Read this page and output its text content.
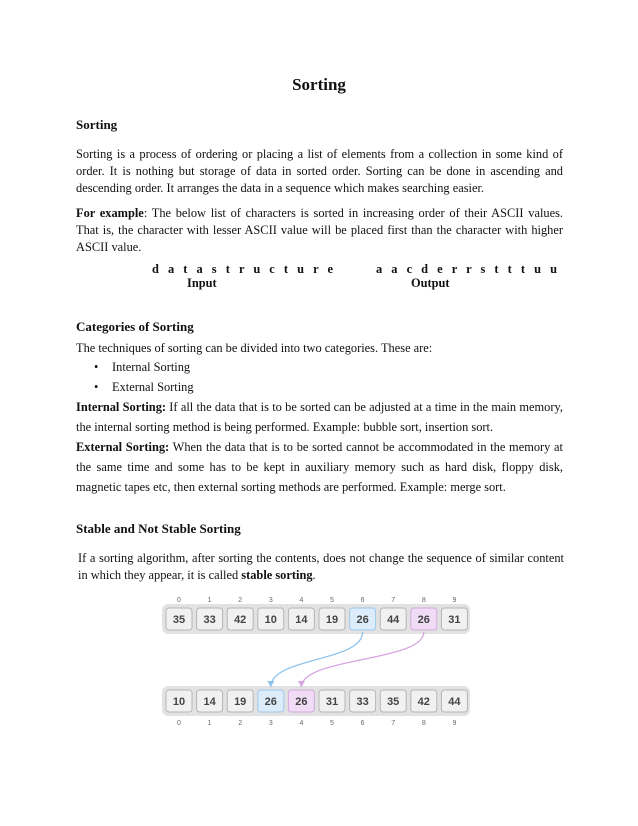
Sorting
Sorting

Sorting is a process of ordering or placing a list of elements from a collection in some kind of order. It is nothing but storage of data in sorted order. Sorting can be done in ascending and descending order. It arranges the data in a sequence which makes searching easier.

For example: The below list of characters is sorted in increasing order of their ASCII values. That is, the character with lesser ASCII value will be placed first than the character with higher ASCII value.

d a t a s t r u c t u r e
Input
a a c d e r r s t t t u u
Output
Categories of Sorting

The techniques of sorting can be divided into two categories. These are:

• Internal Sorting
• External Sorting

Internal Sorting: If all the data that is to be sorted can be adjusted at a time in the main memory, the internal sorting method is being performed. Example: bubble sort, insertion sort.

External Sorting: When the data that is to be sorted cannot be accommodated in the memory at the same time and some has to be kept in auxiliary memory such as hard disk, floppy disk, magnetic tapes etc, then external sorting methods are performed. Example: merge sort.

Stable and Not Stable Sorting

If a sorting algorithm, after sorting the contents, does not change the sequence of similar content in which they appear, it is called stable sorting.

35
0
33
1
42
2
10
3
14
4
19
5
26
6
44
7
26
8
31
9
10
0
14
1
19
2
26
3
26
4
31
5
33
6
35
7
42
8
44
9
